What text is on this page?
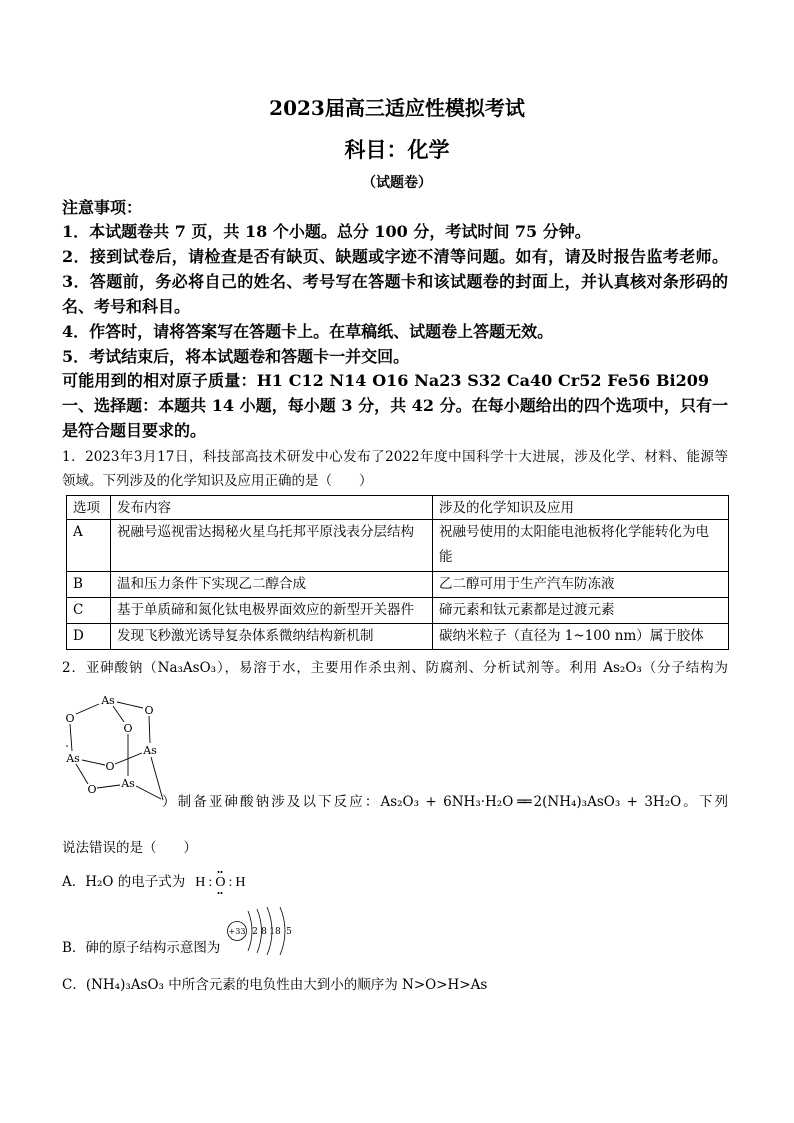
2023届高三适应性模拟考试
科目：化学
（试题卷）
注意事项：
1．本试题卷共 7 页，共 18 个小题。总分 100 分，考试时间 75 分钟。
2．接到试卷后，请检查是否有缺页、缺题或字迹不清等问题。如有，请及时报告监考老师。
3．答题前，务必将自己的姓名、考号写在答题卡和该试题卷的封面上，并认真核对条形码的
名、考号和科目。
4．作答时，请将答案写在答题卡上。在草稿纸、试题卷上答题无效。
5．考试结束后，将本试题卷和答题卡一并交回。
可能用到的相对原子质量：H1 C12 N14 O16 Na23 S32 Ca40 Cr52 Fe56 Bi209
一、选择题：本题共 14 小题，每小题 3 分，共 42 分。在每小题给出的四个选项中，只有一
是符合题目要求的。
1．2023年3月17日，科技部高技术研发中心发布了2022年度中国科学十大进展，涉及化学、材料、能源等
领域。下列涉及的化学知识及应用正确的是（　　）
选项	发布内容	涉及的化学知识及应用
A	祝融号巡视雷达揭秘火星乌托邦平原浅表分层结构	祝融号使用的太阳能电池板将化学能转化为电能
B	温和压力条件下实现乙二醇合成	乙二醇可用于生产汽车防冻液
C	基于单质碲和氮化钛电极界面效应的新型开关器件	碲元素和钛元素都是过渡元素
D	发现飞秒激光诱导复杂体系微纳结构新机制	碳纳米粒子（直径为 1~100 nm）属于胶体
2．亚砷酸钠（Na₃AsO₃），易溶于水，主要用作杀虫剂、防腐剂、分析试剂等。利用 As₂O₃（分子结构为
As
O
O
O
As
As
O
O As
）制备亚砷酸钠涉及以下反应：As₂O₃ + 6NH₃·H₂O ══ 2(NH₄)₃AsO₃ + 3H₂O。下列
说法错误的是（　　）
A．H₂O 的电子式为 H : O : H
B．砷的原子结构示意图为
+33 2 8 18 5
C．(NH₄)₃AsO₃ 中所含元素的电负性由大到小的顺序为 N>O>H>As
